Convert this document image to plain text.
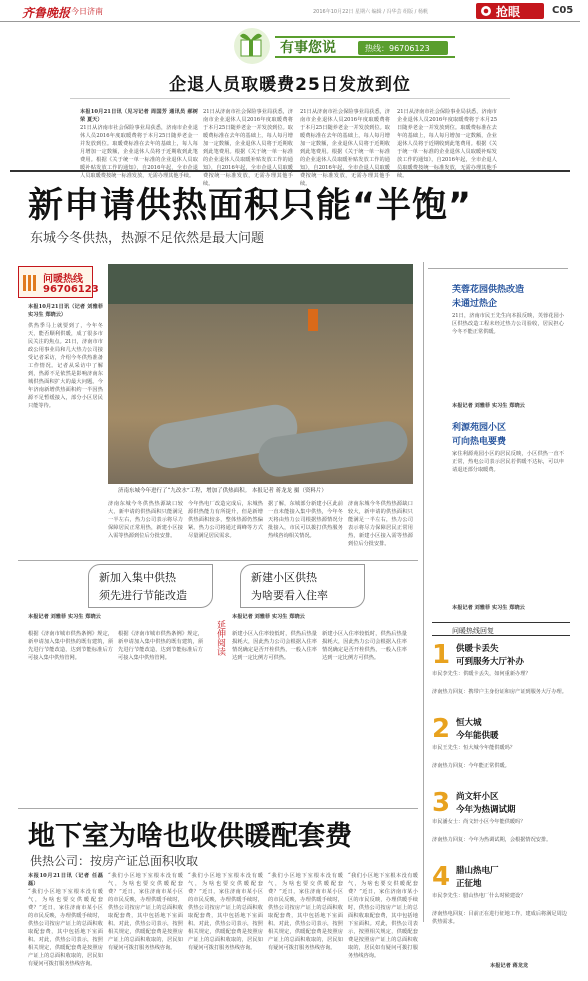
齐鲁晚报 今日济南	2016年10月22日 星期六 编辑 / 冯华芸 组版 / 杨帆	抢眼	C05
有事您说	热线：96706123
企退人员取暖费25日发放到位
本报10月21日讯（见习记者 周国芳 通讯员 郝树荣 夏天）
21日从济南市社会保险事业局获悉，济南市企业退休人员2016年度取暖费将于本月25日随养老金一并发放到位。取暖费标准在去年的基础上，每人每月增加一定数额，企业退休人员将于近期收到此笔费用。根据《关于统一单一标准的企业退休人员取暖补贴发放工作的通知》，自2016年起，全市企退人员取暖费按统一标准发放，无需办理其他手续。
21日从济南市社会保险事业局获悉，济南市企业退休人员2016年度取暖费将于本月25日随养老金一并发放到位。取暖费标准在去年的基础上，每人每月增加一定数额，企业退休人员将于近期收到此笔费用。根据《关于统一单一标准的企业退休人员取暖补贴发放工作的通知》，自2016年起，全市企退人员取暖费按统一标准发放，无需办理其他手续。
21日从济南市社会保险事业局获悉，济南市企业退休人员2016年度取暖费将于本月25日随养老金一并发放到位。取暖费标准在去年的基础上，每人每月增加一定数额，企业退休人员将于近期收到此笔费用。根据《关于统一单一标准的企业退休人员取暖补贴发放工作的通知》，自2016年起，全市企退人员取暖费按统一标准发放，无需办理其他手续。
21日从济南市社会保险事业局获悉，济南市企业退休人员2016年度取暖费将于本月25日随养老金一并发放到位。取暖费标准在去年的基础上，每人每月增加一定数额，企业退休人员将于近期收到此笔费用。根据《关于统一单一标准的企业退休人员取暖补贴发放工作的通知》，自2016年起，全市企退人员取暖费按统一标准发放，无需办理其他手续。
新申请供热面积只能“半饱”
东城今冬供热，热源不足依然是最大问题
问暖热线
96706123
本报10月21日讯（记者 刘雅菲 实习生 郑晓云）
供热季马上就要到了，今年冬天，能否顺利供暖，成了很多市民关注的焦点。21日，济南市市政公用事业局和几大热力公司接受记者采访，介绍今冬供热准备工作情况。记者从采访中了解到，热源不足依然是影响济南东城供热面积扩大的最大问题。今年济南新增供热面积约一半因热源不足暂缓接入，部分小区居民只能等待。
济南东城今年进行了“九改水”工程，增加了供热面积。 本报记者 蒋龙龙 摄（资料片）
济南东城今冬供热热源缺口较大，新申请的供热面积只能满足一半左右，热力公司表示将尽力保障居民正常用热，新建小区接入需等热源到位后分批安排。
今年热电厂改造完成后，东城热源供热能力有所提升，但是新增供热面积较多，整体热源仍然偏紧。热力公司将通过调峰等方式尽量满足居民需求。
据了解，东城部分新建小区此前一直未能接入集中供热，今年冬天将由热力公司根据热源情况分批接入，市民可以拨打供热服务热线咨询相关情况。
济南东城今冬供热热源缺口较大，新申请的供热面积只能满足一半左右，热力公司表示将尽力保障居民正常用热，新建小区接入需等热源到位后分批安排。
新加入集中供热
须先进行节能改造
新建小区供热
为啥要看入住率
本报记者 刘雅菲 实习生 郑晓云
根据《济南市城市供热条例》规定，新申请加入集中供热的既有建筑，须先进行节能改造，达到节能标准后方可接入集中供热管网。
根据《济南市城市供热条例》规定，新申请加入集中供热的既有建筑，须先进行节能改造，达到节能标准后方可接入集中供热管网。
延伸阅读
本报记者 刘雅菲 实习生 郑晓云
新建小区入住率较低时，供热后热量损耗大，因此热力公司会根据入住率情况确定是否开栓供热，一般入住率达到一定比例方可供热。
新建小区入住率较低时，供热后热量损耗大，因此热力公司会根据入住率情况确定是否开栓供热，一般入住率达到一定比例方可供热。
芙蓉花园供热改造
未通过热企
21日，济南市民王先生向本报反映，芙蓉花园小区供热改造工程未经过热力公司验收，居民担心今冬不能正常供暖。
本报记者 刘雅菲 实习生 郑晓云
利源苑园小区
可向热电要费
家住利源苑园小区的居民反映，小区供热一直不正常，热电公司表示居民若供暖不达标，可以申请退还部分取暖费。
本报记者 刘雅菲 实习生 郑晓云
问暖热线回复
1 供暖卡丢失
可到服务大厅补办
市民李先生：供暖卡丢失，如何重新办理？
济南热力回复：携带户主身份证和房产证到服务大厅办理。
2 恒大城
今年能供暖
市民王先生：恒大城今年能供暖吗？
济南热力回复：今年能正常供暖。
3 尚文轩小区
今年为热调试期
市民潘女士：尚文轩小区今年能供暖吗？
济南热力回复：今年为热调试期，会根据情况安排。
4 腊山热电厂
正征地
市民李先生：腊山热电厂什么时候建设？
济南热电回复：目前正在进行征地工作，建成后将满足周边供热需求。
本报记者 蒋龙龙
地下室为啥也收供暖配套费
供热公司：按房产证总面积收取
本报10月21日讯（记者 任磊磊）
“我们小区地下室根本没有暖气，为啥也要交供暖配套费？”近日，家住济南市某小区的市民反映，办理供暖手续时，供热公司按房产证上的总面积收取配套费，其中包括地下室面积。对此，供热公司表示，按照相关规定，供暖配套费是按照房产证上的总面积收取的，居民如有疑问可拨打服务热线咨询。
“我们小区地下室根本没有暖气，为啥也要交供暖配套费？”近日，家住济南市某小区的市民反映，办理供暖手续时，供热公司按房产证上的总面积收取配套费，其中包括地下室面积。对此，供热公司表示，按照相关规定，供暖配套费是按照房产证上的总面积收取的，居民如有疑问可拨打服务热线咨询。
“我们小区地下室根本没有暖气，为啥也要交供暖配套费？”近日，家住济南市某小区的市民反映，办理供暖手续时，供热公司按房产证上的总面积收取配套费，其中包括地下室面积。对此，供热公司表示，按照相关规定，供暖配套费是按照房产证上的总面积收取的，居民如有疑问可拨打服务热线咨询。
“我们小区地下室根本没有暖气，为啥也要交供暖配套费？”近日，家住济南市某小区的市民反映，办理供暖手续时，供热公司按房产证上的总面积收取配套费，其中包括地下室面积。对此，供热公司表示，按照相关规定，供暖配套费是按照房产证上的总面积收取的，居民如有疑问可拨打服务热线咨询。
“我们小区地下室根本没有暖气，为啥也要交供暖配套费？”近日，家住济南市某小区的市民反映，办理供暖手续时，供热公司按房产证上的总面积收取配套费，其中包括地下室面积。对此，供热公司表示，按照相关规定，供暖配套费是按照房产证上的总面积收取的，居民如有疑问可拨打服务热线咨询。
